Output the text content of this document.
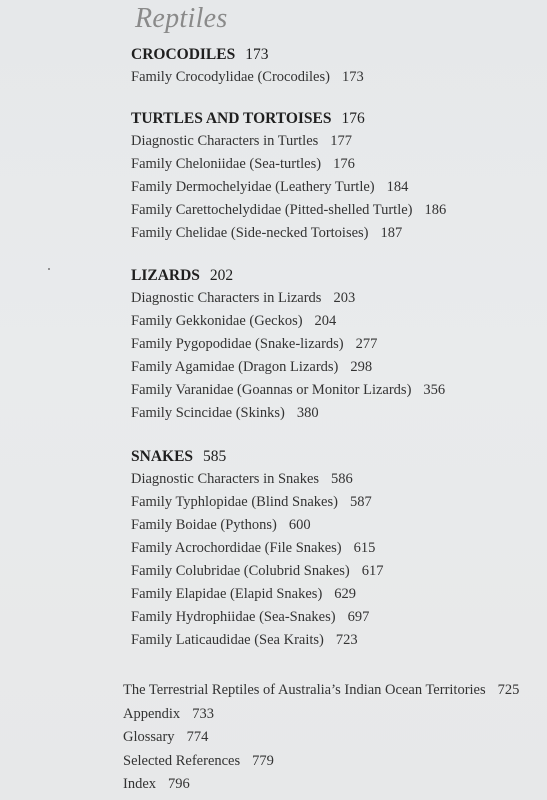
Reptiles
CROCODILES 173
Family Crocodylidae (Crocodiles) 173
TURTLES AND TORTOISES 176
Diagnostic Characters in Turtles 177
Family Cheloniidae (Sea-turtles) 176
Family Dermochelyidae (Leathery Turtle) 184
Family Carettochelydidae (Pitted-shelled Turtle) 186
Family Chelidae (Side-necked Tortoises) 187
LIZARDS 202
Diagnostic Characters in Lizards 203
Family Gekkonidae (Geckos) 204
Family Pygopodidae (Snake-lizards) 277
Family Agamidae (Dragon Lizards) 298
Family Varanidae (Goannas or Monitor Lizards) 356
Family Scincidae (Skinks) 380
SNAKES 585
Diagnostic Characters in Snakes 586
Family Typhlopidae (Blind Snakes) 587
Family Boidae (Pythons) 600
Family Acrochordidae (File Snakes) 615
Family Colubridae (Colubrid Snakes) 617
Family Elapidae (Elapid Snakes) 629
Family Hydrophiidae (Sea-Snakes) 697
Family Laticaudidae (Sea Kraits) 723
The Terrestrial Reptiles of Australia’s Indian Ocean Territories 725
Appendix 733
Glossary 774
Selected References 779
Index 796
